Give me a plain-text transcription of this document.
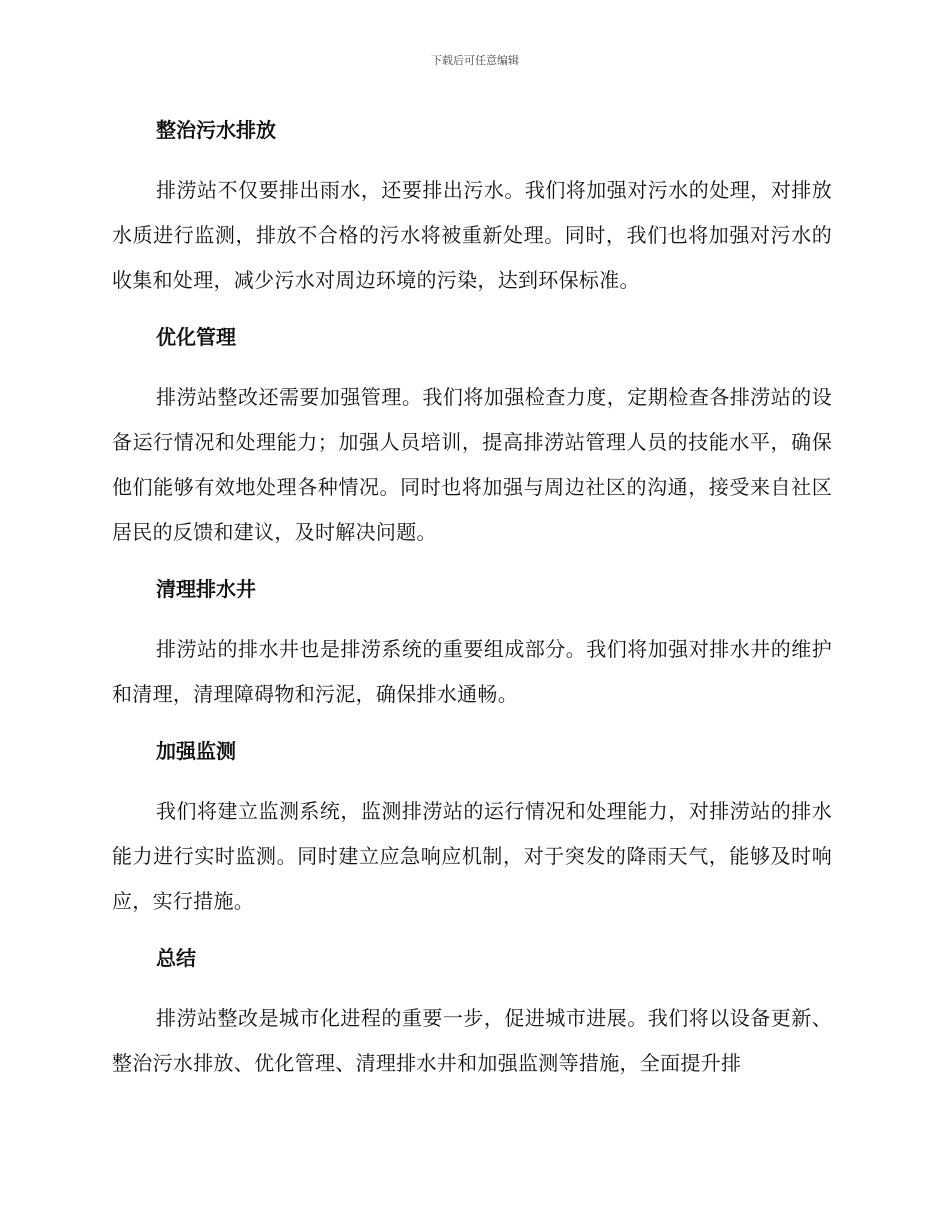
下载后可任意编辑
整治污水排放

排涝站不仅要排出雨水，还要排出污水。我们将加强对污水的处理，对排放水质进行监测，排放不合格的污水将被重新处理。同时，我们也将加强对污水的收集和处理，减少污水对周边环境的污染，达到环保标准。

优化管理

排涝站整改还需要加强管理。我们将加强检查力度，定期检查各排涝站的设备运行情况和处理能力；加强人员培训，提高排涝站管理人员的技能水平，确保他们能够有效地处理各种情况。同时也将加强与周边社区的沟通，接受来自社区居民的反馈和建议，及时解决问题。

清理排水井

排涝站的排水井也是排涝系统的重要组成部分。我们将加强对排水井的维护和清理，清理障碍物和污泥，确保排水通畅。

加强监测

我们将建立监测系统，监测排涝站的运行情况和处理能力，对排涝站的排水能力进行实时监测。同时建立应急响应机制，对于突发的降雨天气，能够及时响应，实行措施。

总结

排涝站整改是城市化进程的重要一步，促进城市进展。我们将以设备更新、整治污水排放、优化管理、清理排水井和加强监测等措施，全面提升排
